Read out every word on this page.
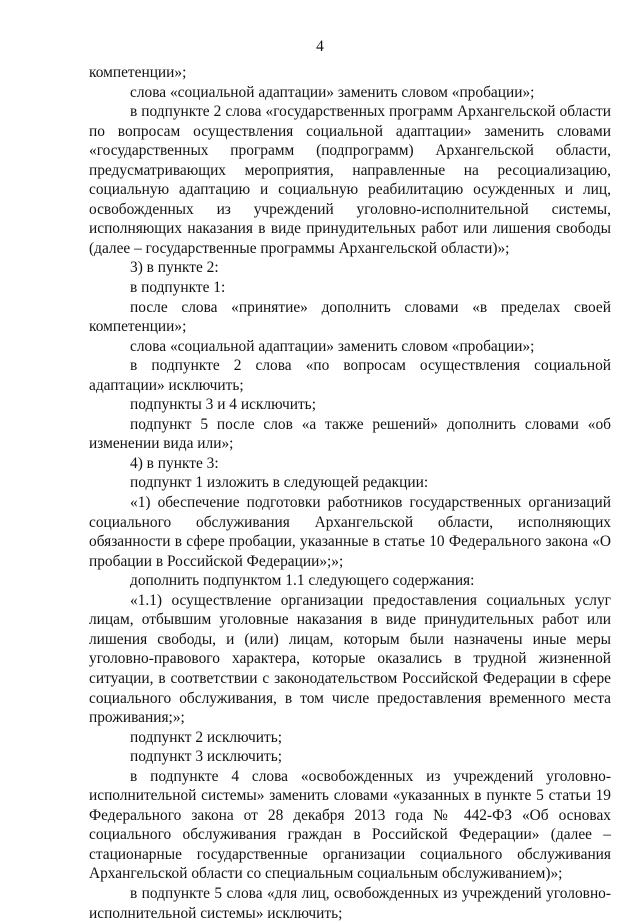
4

компетенции»;

слова «социальной адаптации» заменить словом «пробации»;

в подпункте 2 слова «государственных программ Архангельской области по вопросам осуществления социальной адаптации» заменить словами «государственных программ (подпрограмм) Архангельской области, предусматривающих мероприятия, направленные на ресоциализацию, социальную адаптацию и социальную реабилитацию осужденных и лиц, освобожденных из учреждений уголовно-исполнительной системы, исполняющих наказания в виде принудительных работ или лишения свободы (далее – государственные программы Архангельской области)»;

3) в пункте 2:

в подпункте 1:

после слова «принятие» дополнить словами «в пределах своей компетенции»;

слова «социальной адаптации» заменить словом «пробации»;

в подпункте 2 слова «по вопросам осуществления социальной адаптации» исключить;

подпункты 3 и 4 исключить;

подпункт 5 после слов «а также решений» дополнить словами «об изменении вида или»;

4) в пункте 3:

подпункт 1 изложить в следующей редакции:

«1) обеспечение подготовки работников государственных организаций социального обслуживания Архангельской области, исполняющих обязанности в сфере пробации, указанные в статье 10 Федерального закона «О пробации в Российской Федерации»;»;

дополнить подпунктом 1.1 следующего содержания:

«1.1) осуществление организации предоставления социальных услуг лицам, отбывшим уголовные наказания в виде принудительных работ или лишения свободы, и (или) лицам, которым были назначены иные меры уголовно-правового характера, которые оказались в трудной жизненной ситуации, в соответствии с законодательством Российской Федерации в сфере социального обслуживания, в том числе предоставления временного места проживания;»;

подпункт 2 исключить;

подпункт 3 исключить;

в подпункте 4 слова «освобожденных из учреждений уголовно-исполнительной системы» заменить словами «указанных в пункте 5 статьи 19 Федерального закона от 28 декабря 2013 года № 442-ФЗ «Об основах социального обслуживания граждан в Российской Федерации» (далее – стационарные государственные организации социального обслуживания Архангельской области со специальным социальным обслуживанием)»;

в подпункте 5 слова «для лиц, освобожденных из учреждений уголовно-исполнительной системы» исключить;
